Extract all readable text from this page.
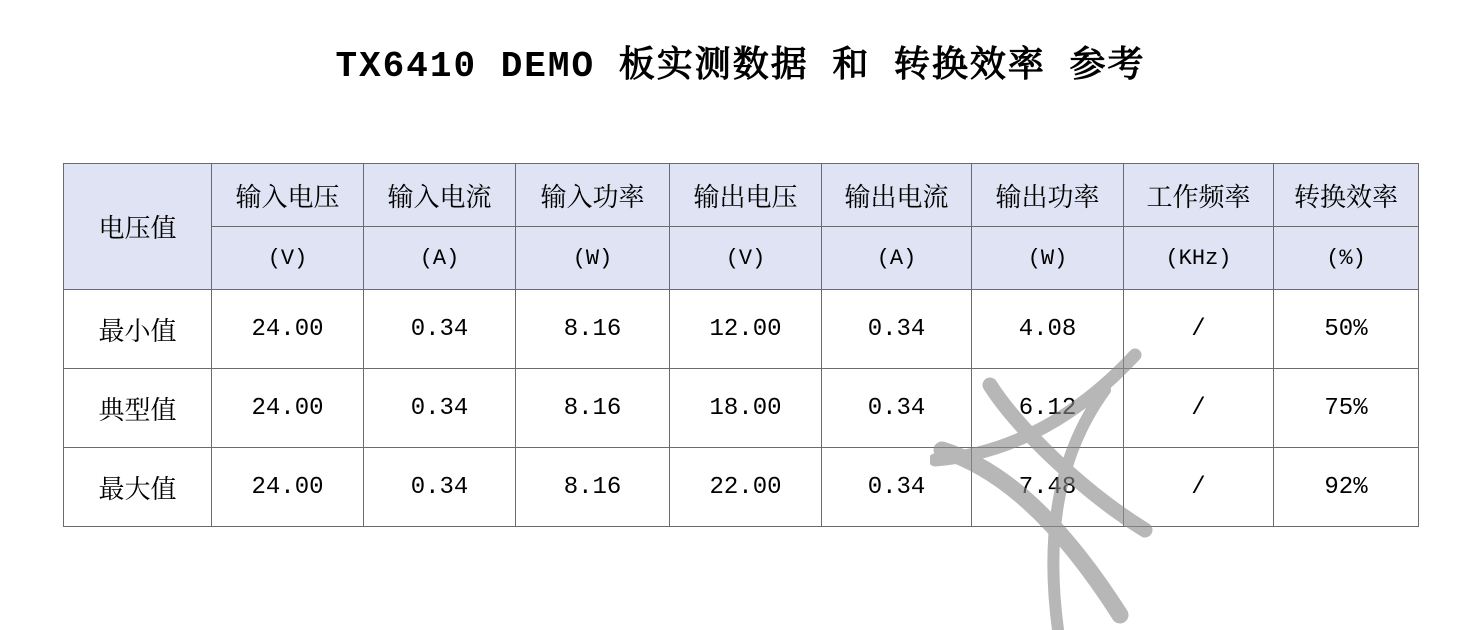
TX6410 DEMO 板实测数据 和 转换效率 参考
电压值	输入电压	输入电流	输入功率	输出电压	输出电流	输出功率	工作频率	转换效率
	(V)	(A)	(W)	(V)	(A)	(W)	(KHz)	(%)
最小值	24.00	0.34	8.16	12.00	0.34	4.08	/	50%
典型值	24.00	0.34	8.16	18.00	0.34	6.12	/	75%
最大值	24.00	0.34	8.16	22.00	0.34	7.48	/	92%
